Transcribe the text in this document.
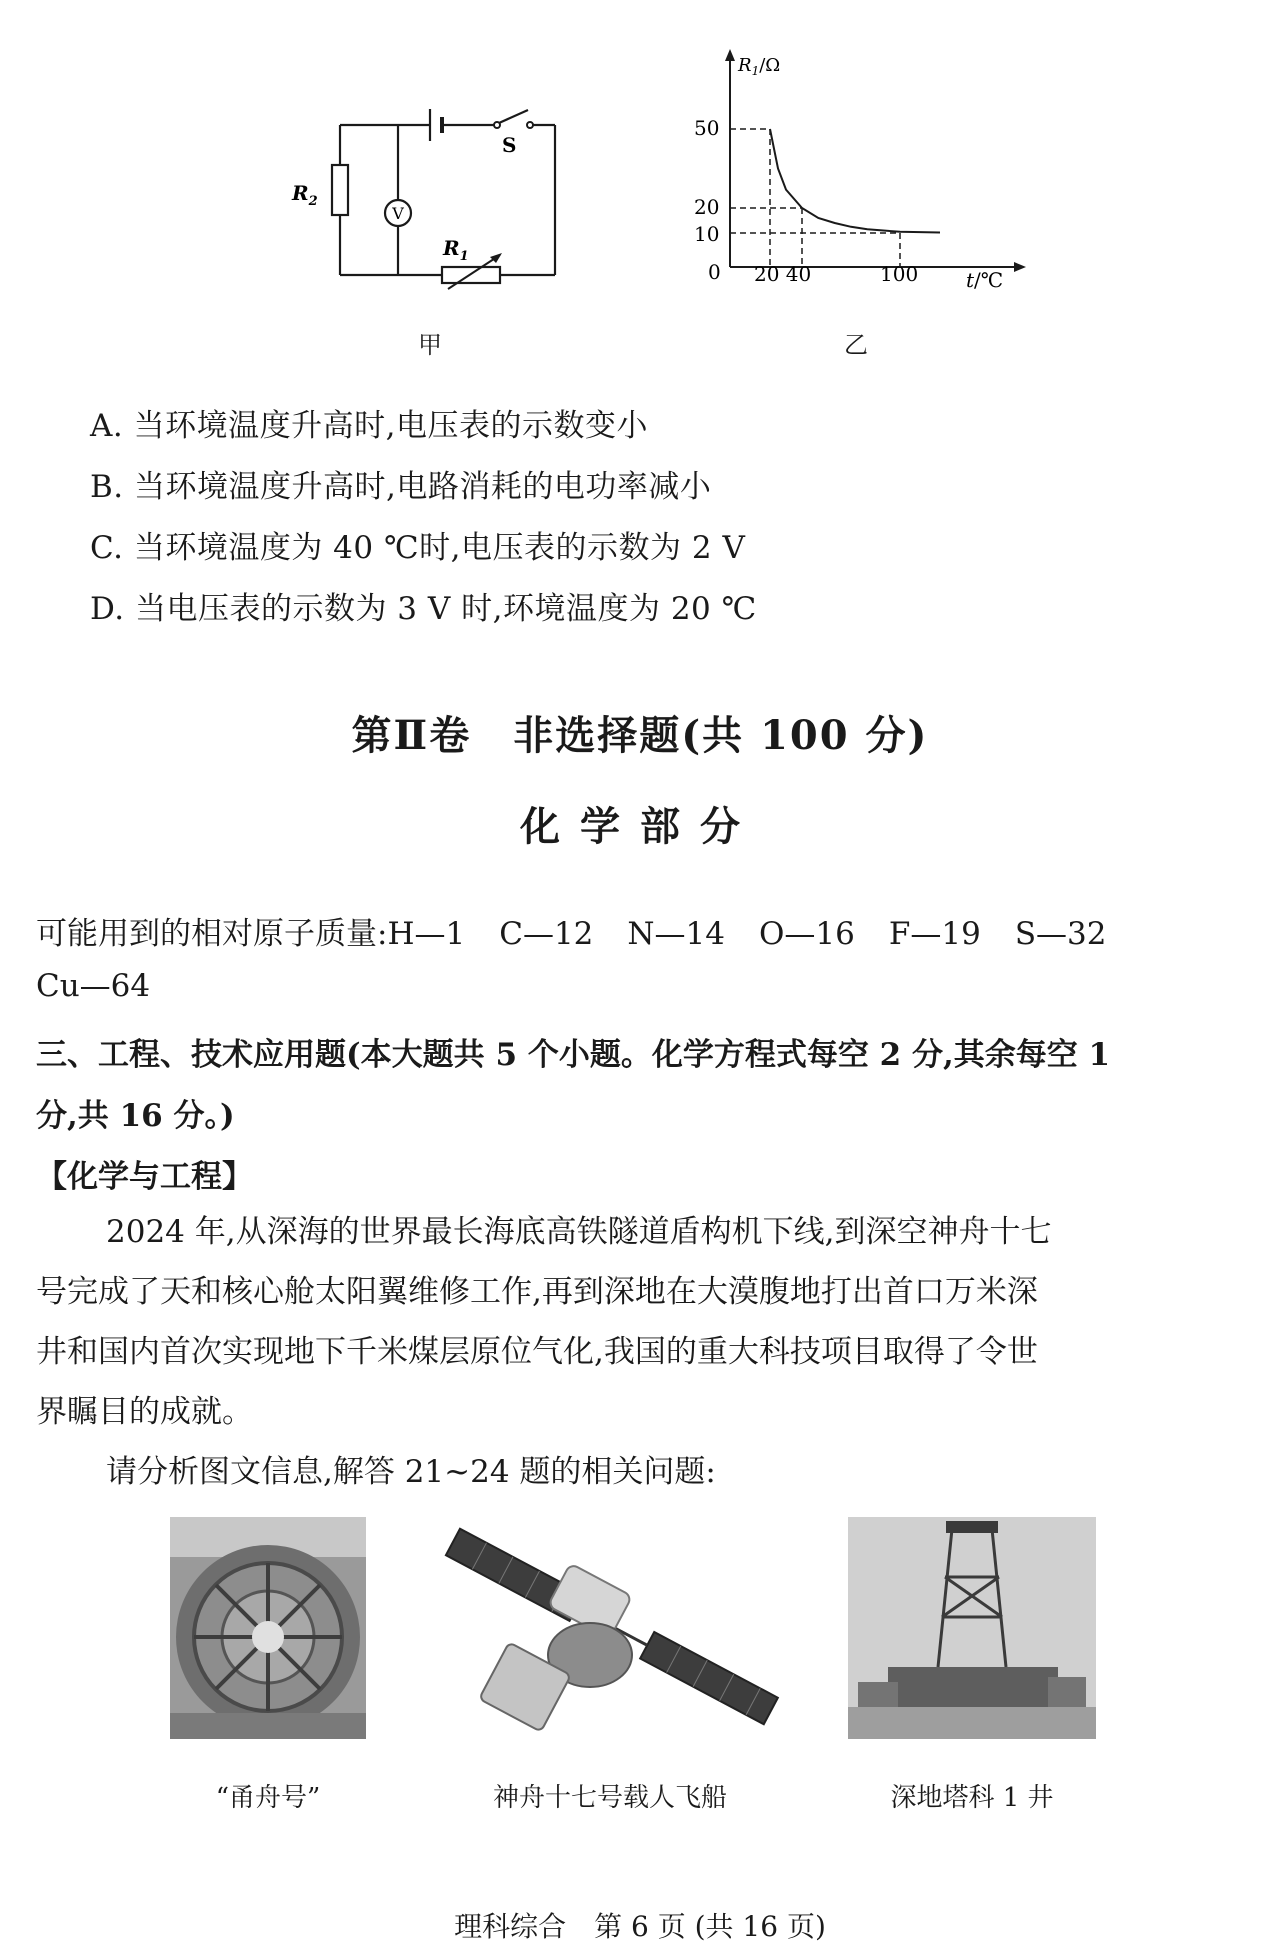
S
$R_2$
V
$R_1$
甲
$R_1/\Omega$
t/℃
0
50
20
10
20 40	100
乙
A. 当环境温度升高时,电压表的示数变小
B. 当环境温度升高时,电路消耗的电功率减小
C. 当环境温度为 40 ℃时,电压表的示数为 2 V
D. 当电压表的示数为 3 V 时,环境温度为 20 ℃
第Ⅱ卷　非选择题(共 100 分)
化学部分
可能用到的相对原子质量:H—1 C—12 N—14 O—16 F—19 S—32
Cu—64
三、工程、技术应用题(本大题共 5 个小题。化学方程式每空 2 分,其余每空 1
分,共 16 分。)
【化学与工程】
2024 年,从深海的世界最长海底高铁隧道盾构机下线,到深空神舟十七
号完成了天和核心舱太阳翼维修工作,再到深地在大漠腹地打出首口万米深
井和国内首次实现地下千米煤层原位气化,我国的重大科技项目取得了令世
界瞩目的成就。
请分析图文信息,解答 21~24 题的相关问题:
“甬舟号”	神舟十七号载人飞船	深地塔科 1 井
理科综合　第 6 页 (共 16 页)
